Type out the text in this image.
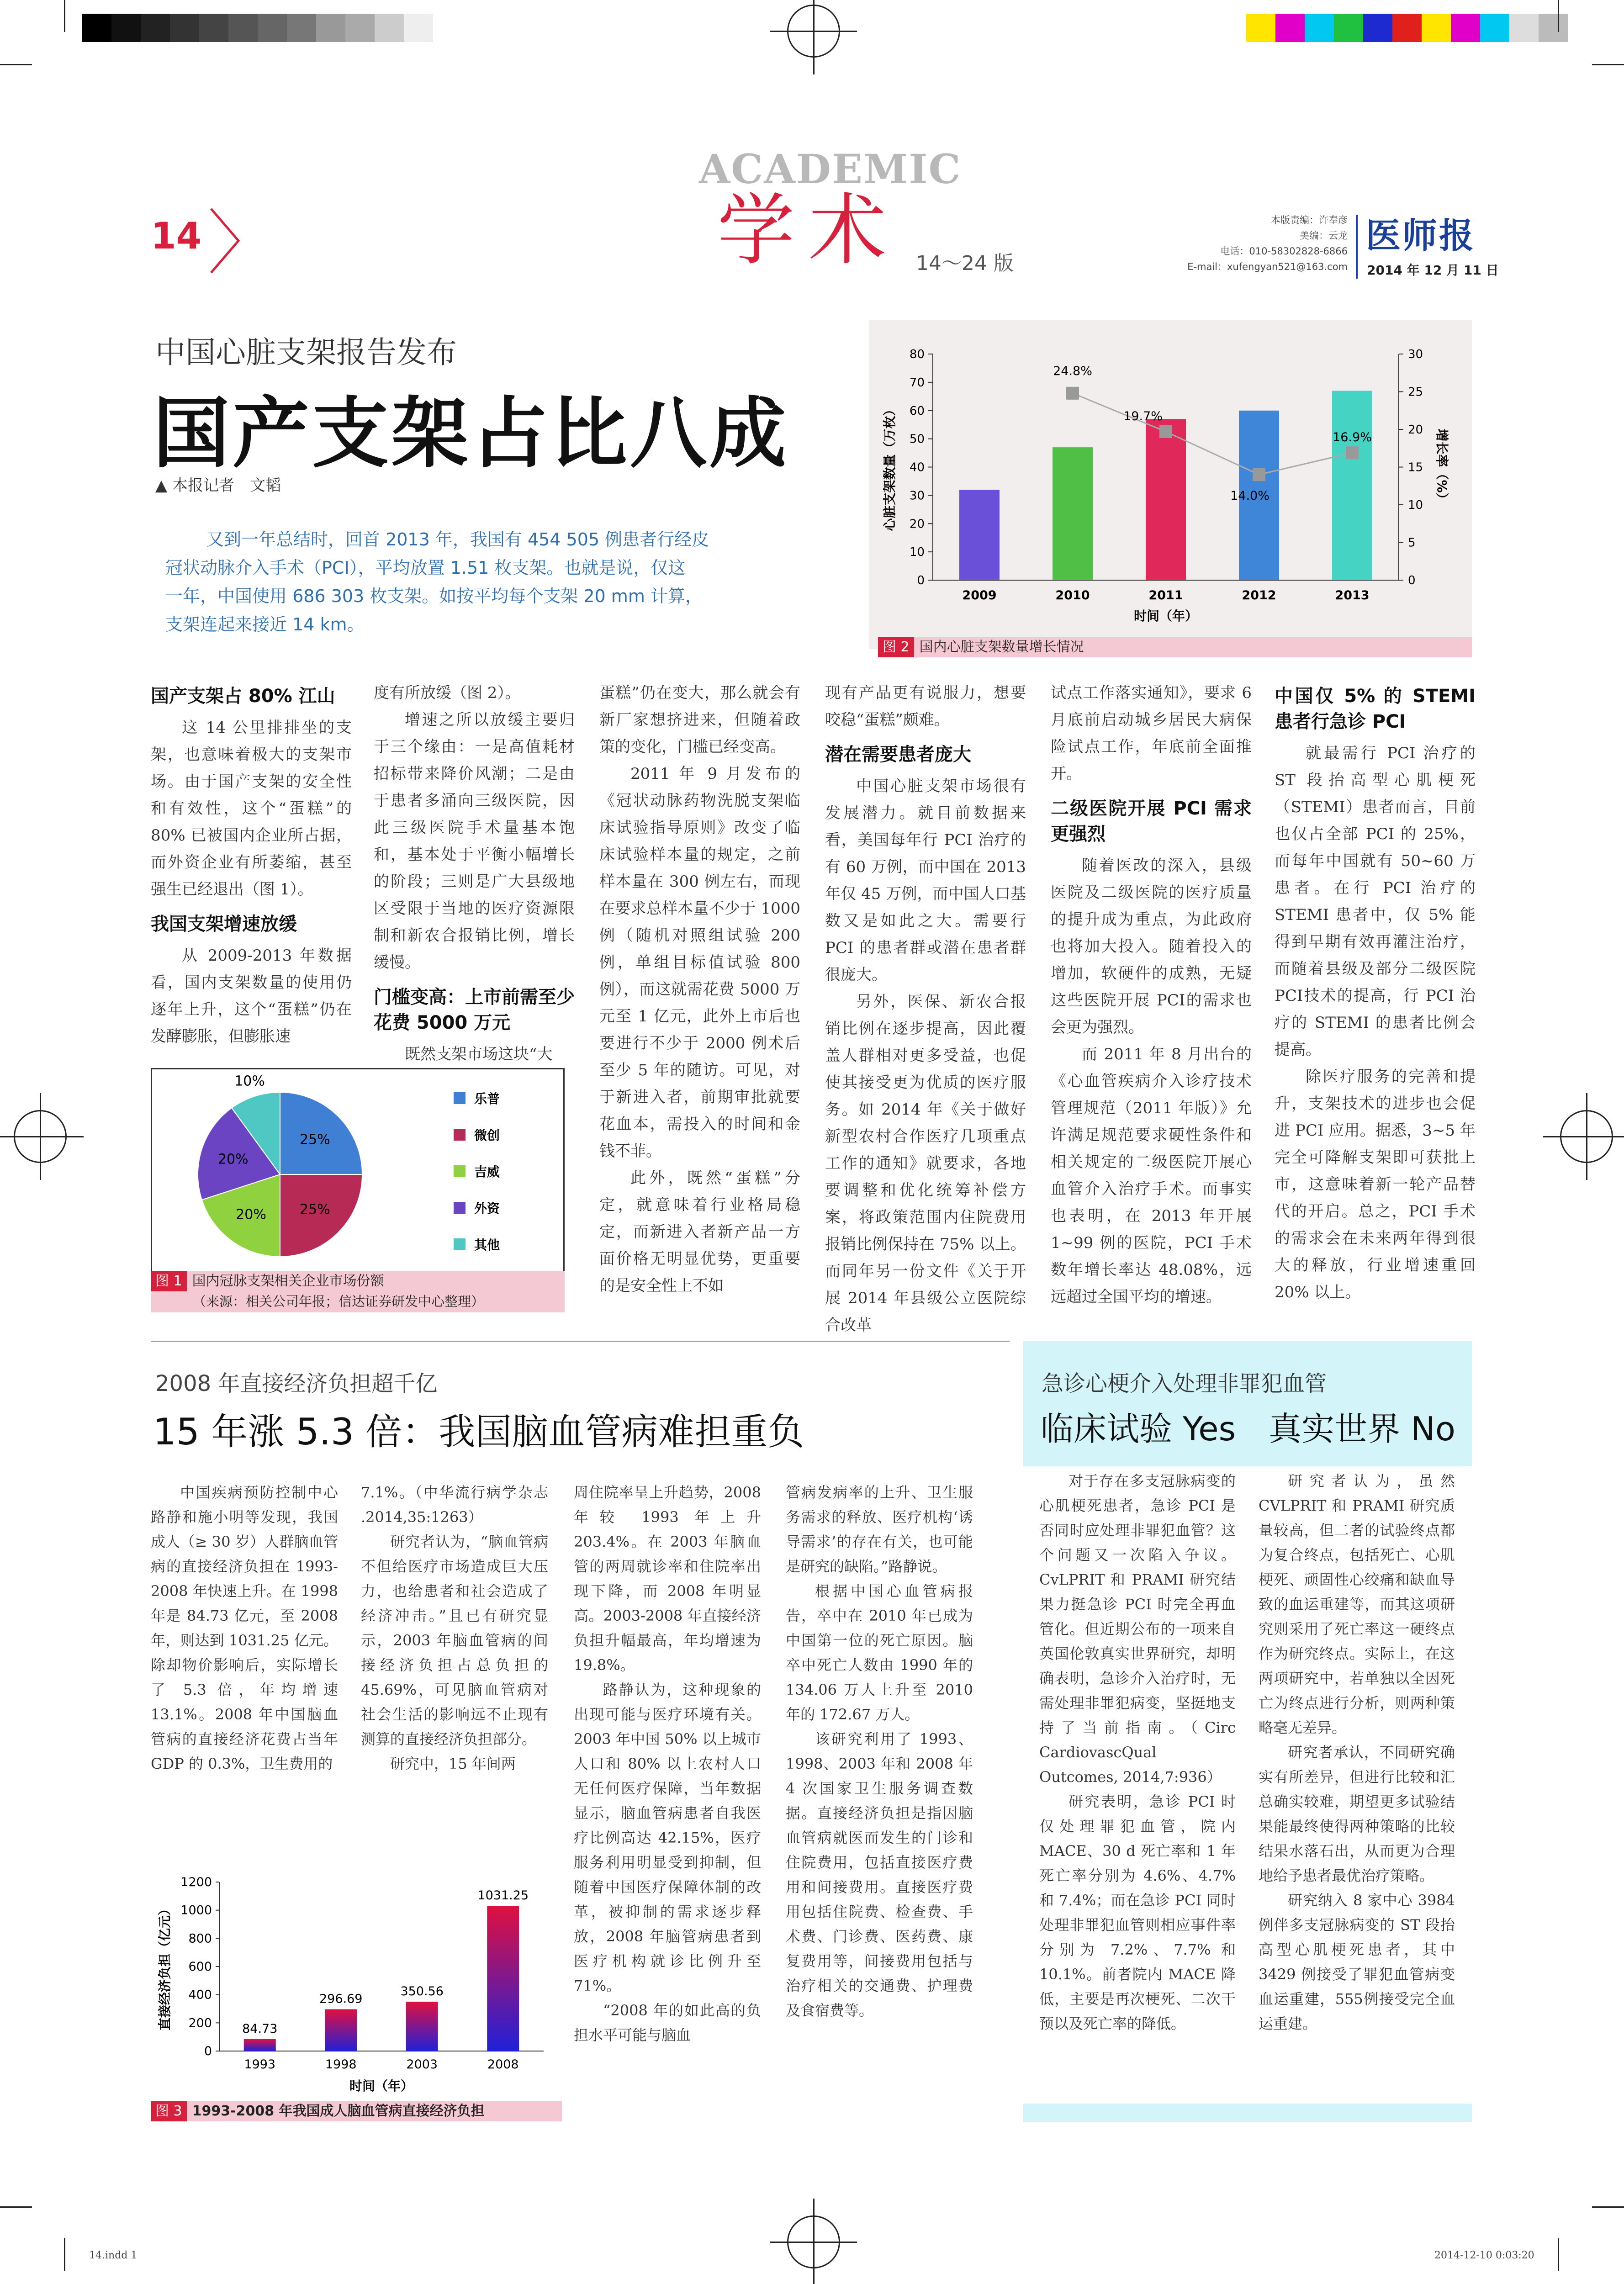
14
ACADEMIC
学术 14～24 版
本版责编：许奉彦
美编：云龙
电话：010-58302828-6866
E-mail：xufengyan521@163.com
医师报
2014 年 12 月 11 日
中国心脏支架报告发布
国产支架占比八成
▲ 本报记者　文韬
又到一年总结时，回首 2013 年，我国有 454 505 例患者行经皮
冠状动脉介入手术（PCI），平均放置 1.51 枚支架。也就是说，仅这
一年，中国使用 686 303 枚支架。如按平均每个支架 20 mm 计算，
支架连起来接近 14 km。
0
10
20
30
40
50
60
70
80
0
5
10
15
20
25
30
2009	2010	2011	2012	2013
24.8%
19.7%
14.0%
16.9%
时间（年）
心脏支架数量（万枚）	增长率（%）
图 2 国内心脏支架数量增长情况
国产支架占 80% 江山

这 14 公里排排坐的支架，也意味着极大的支架市场。由于国产支架的安全性和有效性，这个“蛋糕”的 80% 已被国内企业所占据，而外资企业有所萎缩，甚至强生已经退出（图 1）。

我国支架增速放缓

从 2009-2013 年数据看，国内支架数量的使用仍逐年上升，这个“蛋糕”仍在发酵膨胀，但膨胀速

度有所放缓（图 2）。

增速之所以放缓主要归于三个缘由：一是高值耗材招标带来降价风潮；二是由于患者多涌向三级医院，因此三级医院手术量基本饱和，基本处于平衡小幅增长的阶段；三则是广大县级地区受限于当地的医疗资源限制和新农合报销比例，增长缓慢。

门槛变高：上市前需至少花费 5000 万元

既然支架市场这块“大

蛋糕”仍在变大，那么就会有新厂家想挤进来，但随着政策的变化，门槛已经变高。

2011 年 9 月发布的《冠状动脉药物洗脱支架临床试验指导原则》改变了临床试验样本量的规定，之前样本量在 300 例左右，而现在要求总样本量不少于 1000 例（随机对照组试验 200 例，单组目标值试验 800 例），而这就需花费 5000 万元至 1 亿元，此外上市后也要进行不少于 2000 例术后至少 5 年的随访。可见，对于新进入者，前期审批就要花血本，需投入的时间和金钱不菲。

此外，既然“蛋糕”分定，就意味着行业格局稳定，而新进入者新产品一方面价格无明显优势，更重要的是安全性上不如

现有产品更有说服力，想要咬稳“蛋糕”颇难。

潜在需要患者庞大

中国心脏支架市场很有发展潜力。就目前数据来看，美国每年行 PCI 治疗的有 60 万例，而中国在 2013 年仅 45 万例，而中国人口基数又是如此之大。需要行 PCI 的患者群或潜在患者群很庞大。

另外，医保、新农合报销比例在逐步提高，因此覆盖人群相对更多受益，也促使其接受更为优质的医疗服务。如 2014 年《关于做好新型农村合作医疗几项重点工作的通知》就要求，各地要调整和优化统筹补偿方案，将政策范围内住院费用报销比例保持在 75% 以上。而同年另一份文件《关于开展 2014 年县级公立医院综合改革

试点工作落实通知》，要求 6 月底前启动城乡居民大病保险试点工作，年底前全面推开。

二级医院开展 PCI 需求更强烈

随着医改的深入，县级医院及二级医院的医疗质量的提升成为重点，为此政府也将加大投入。随着投入的增加，软硬件的成熟，无疑这些医院开展 PCI的需求也会更为强烈。

而 2011 年 8 月出台的《心血管疾病介入诊疗技术管理规范（2011 年版）》允许满足规范要求硬性条件和相关规定的二级医院开展心血管介入治疗手术。而事实也表明，在 2013 年开展 1~99 例的医院，PCI 手术数年增长率达 48.08%，远远超过全国平均的增速。

中国仅 5% 的 STEMI 患者行急诊 PCI

就最需行 PCI 治疗的 ST 段抬高型心肌梗死（STEMI）患者而言，目前也仅占全部 PCI 的 25%，而每年中国就有 50~60 万患者。在行 PCI 治疗的 STEMI 患者中，仅 5% 能得到早期有效再灌注治疗，而随着县级及部分二级医院PCI技术的提高，行 PCI 治疗的 STEMI 的患者比例会提高。

除医疗服务的完善和提升，支架技术的进步也会促进 PCI 应用。据悉，3~5 年完全可降解支架即可获批上市，这意味着新一轮产品替代的开启。总之，PCI 手术的需求会在未来两年得到很大的释放，行业增速重回 20% 以上。

25%
25%
20%
20%
10%
乐普
微创
吉威
外资
其他
图 1 国内冠脉支架相关企业市场份额
（来源：相关公司年报；信达证券研发中心整理）
2008 年直接经济负担超千亿
15 年涨 5.3 倍：我国脑血管病难担重负

中国疾病预防控制中心路静和施小明等发现，我国成人（≥ 30 岁）人群脑血管病的直接经济负担在 1993-2008 年快速上升。在 1998 年是 84.73 亿元，至 2008 年，则达到 1031.25 亿元。除却物价影响后，实际增长了 5.3 倍，年均增速 13.1%。2008 年中国脑血管病的直接经济花费占当年 GDP 的 0.3%，卫生费用的

7.1%。（中华流行病学杂志 .2014,35:1263）

研究者认为，“脑血管病不但给医疗市场造成巨大压力，也给患者和社会造成了经济冲击。”且已有研究显示，2003 年脑血管病的间接经济负担占总负担的 45.69%，可见脑血管病对社会生活的影响远不止现有测算的直接经济负担部分。

研究中，15 年间两

周住院率呈上升趋势，2008 年较 1993 年上升 203.4%。在 2003 年脑血管的两周就诊率和住院率出现下降，而 2008 年明显高。2003-2008 年直接经济负担升幅最高，年均增速为 19.8%。

路静认为，这种现象的出现可能与医疗环境有关。2003 年中国 50% 以上城市人口和 80% 以上农村人口无任何医疗保障，当年数据显示，脑血管病患者自我医疗比例高达 42.15%，医疗服务利用明显受到抑制，但随着中国医疗保障体制的改革，被抑制的需求逐步释放，2008 年脑管病患者到医疗机构就诊比例升至 71%。

“2008 年的如此高的负担水平可能与脑血

管病发病率的上升、卫生服务需求的释放、医疗机构‘诱导需求’的存在有关，也可能是研究的缺陷。”路静说。

根据中国心血管病报告，卒中在 2010 年已成为中国第一位的死亡原因。脑卒中死亡人数由 1990 年的 134.06 万人上升至 2010 年的 172.67 万人。

该研究利用了 1993、1998、2003 年和 2008 年 4 次国家卫生服务调查数据。直接经济负担是指因脑血管病就医而发生的门诊和住院费用，包括直接医疗费用和间接费用。直接医疗费用包括住院费、检查费、手术费、门诊费、医药费、康复费用等，间接费用包括与治疗相关的交通费、护理费及食宿费等。

0
200
400
600
800
1000
1200
84.73
1993
296.69
1998
350.56
2003
1031.25
2008
时间（年）
直接经济负担（亿元）
图 3 1993-2008 年我国成人脑血管病直接经济负担
急诊心梗介入处理非罪犯血管
临床试验 Yes　真实世界 No

对于存在多支冠脉病变的心肌梗死患者，急诊 PCI 是否同时应处理非罪犯血管？这个问题又一次陷入争议。CvLPRIT 和 PRAMI 研究结果力挺急诊 PCI 时完全再血管化。但近期公布的一项来自英国伦敦真实世界研究，却明确表明，急诊介入治疗时，无需处理非罪犯病变，坚挺地支持了当前指南。（Circ CardiovascQual Outcomes, 2014,7:936）

研究表明，急诊 PCI 时仅处理罪犯血管，院内 MACE、30 d 死亡率和 1 年死亡率分别为 4.6%、4.7% 和 7.4%；而在急诊 PCI 同时处理非罪犯血管则相应事件率分别为 7.2%、7.7% 和 10.1%。前者院内 MACE 降低，主要是再次梗死、二次干预以及死亡率的降低。

研究者认为，虽然 CVLPRIT 和 PRAMI 研究质量较高，但二者的试验终点都为复合终点，包括死亡、心肌梗死、顽固性心绞痛和缺血导致的血运重建等，而其这项研究则采用了死亡率这一硬终点作为研究终点。实际上，在这两项研究中，若单独以全因死亡为终点进行分析，则两种策略毫无差异。

研究者承认，不同研究确实有所差异，但进行比较和汇总确实较难，期望更多试验结果能最终使得两种策略的比较结果水落石出，从而更为合理地给予患者最优治疗策略。

研究纳入 8 家中心 3984 例伴多支冠脉病变的 ST 段抬高型心肌梗死患者，其中 3429 例接受了罪犯血管病变血运重建，555例接受完全血运重建。

14.indd 1	2014-12-10 0:03:20
